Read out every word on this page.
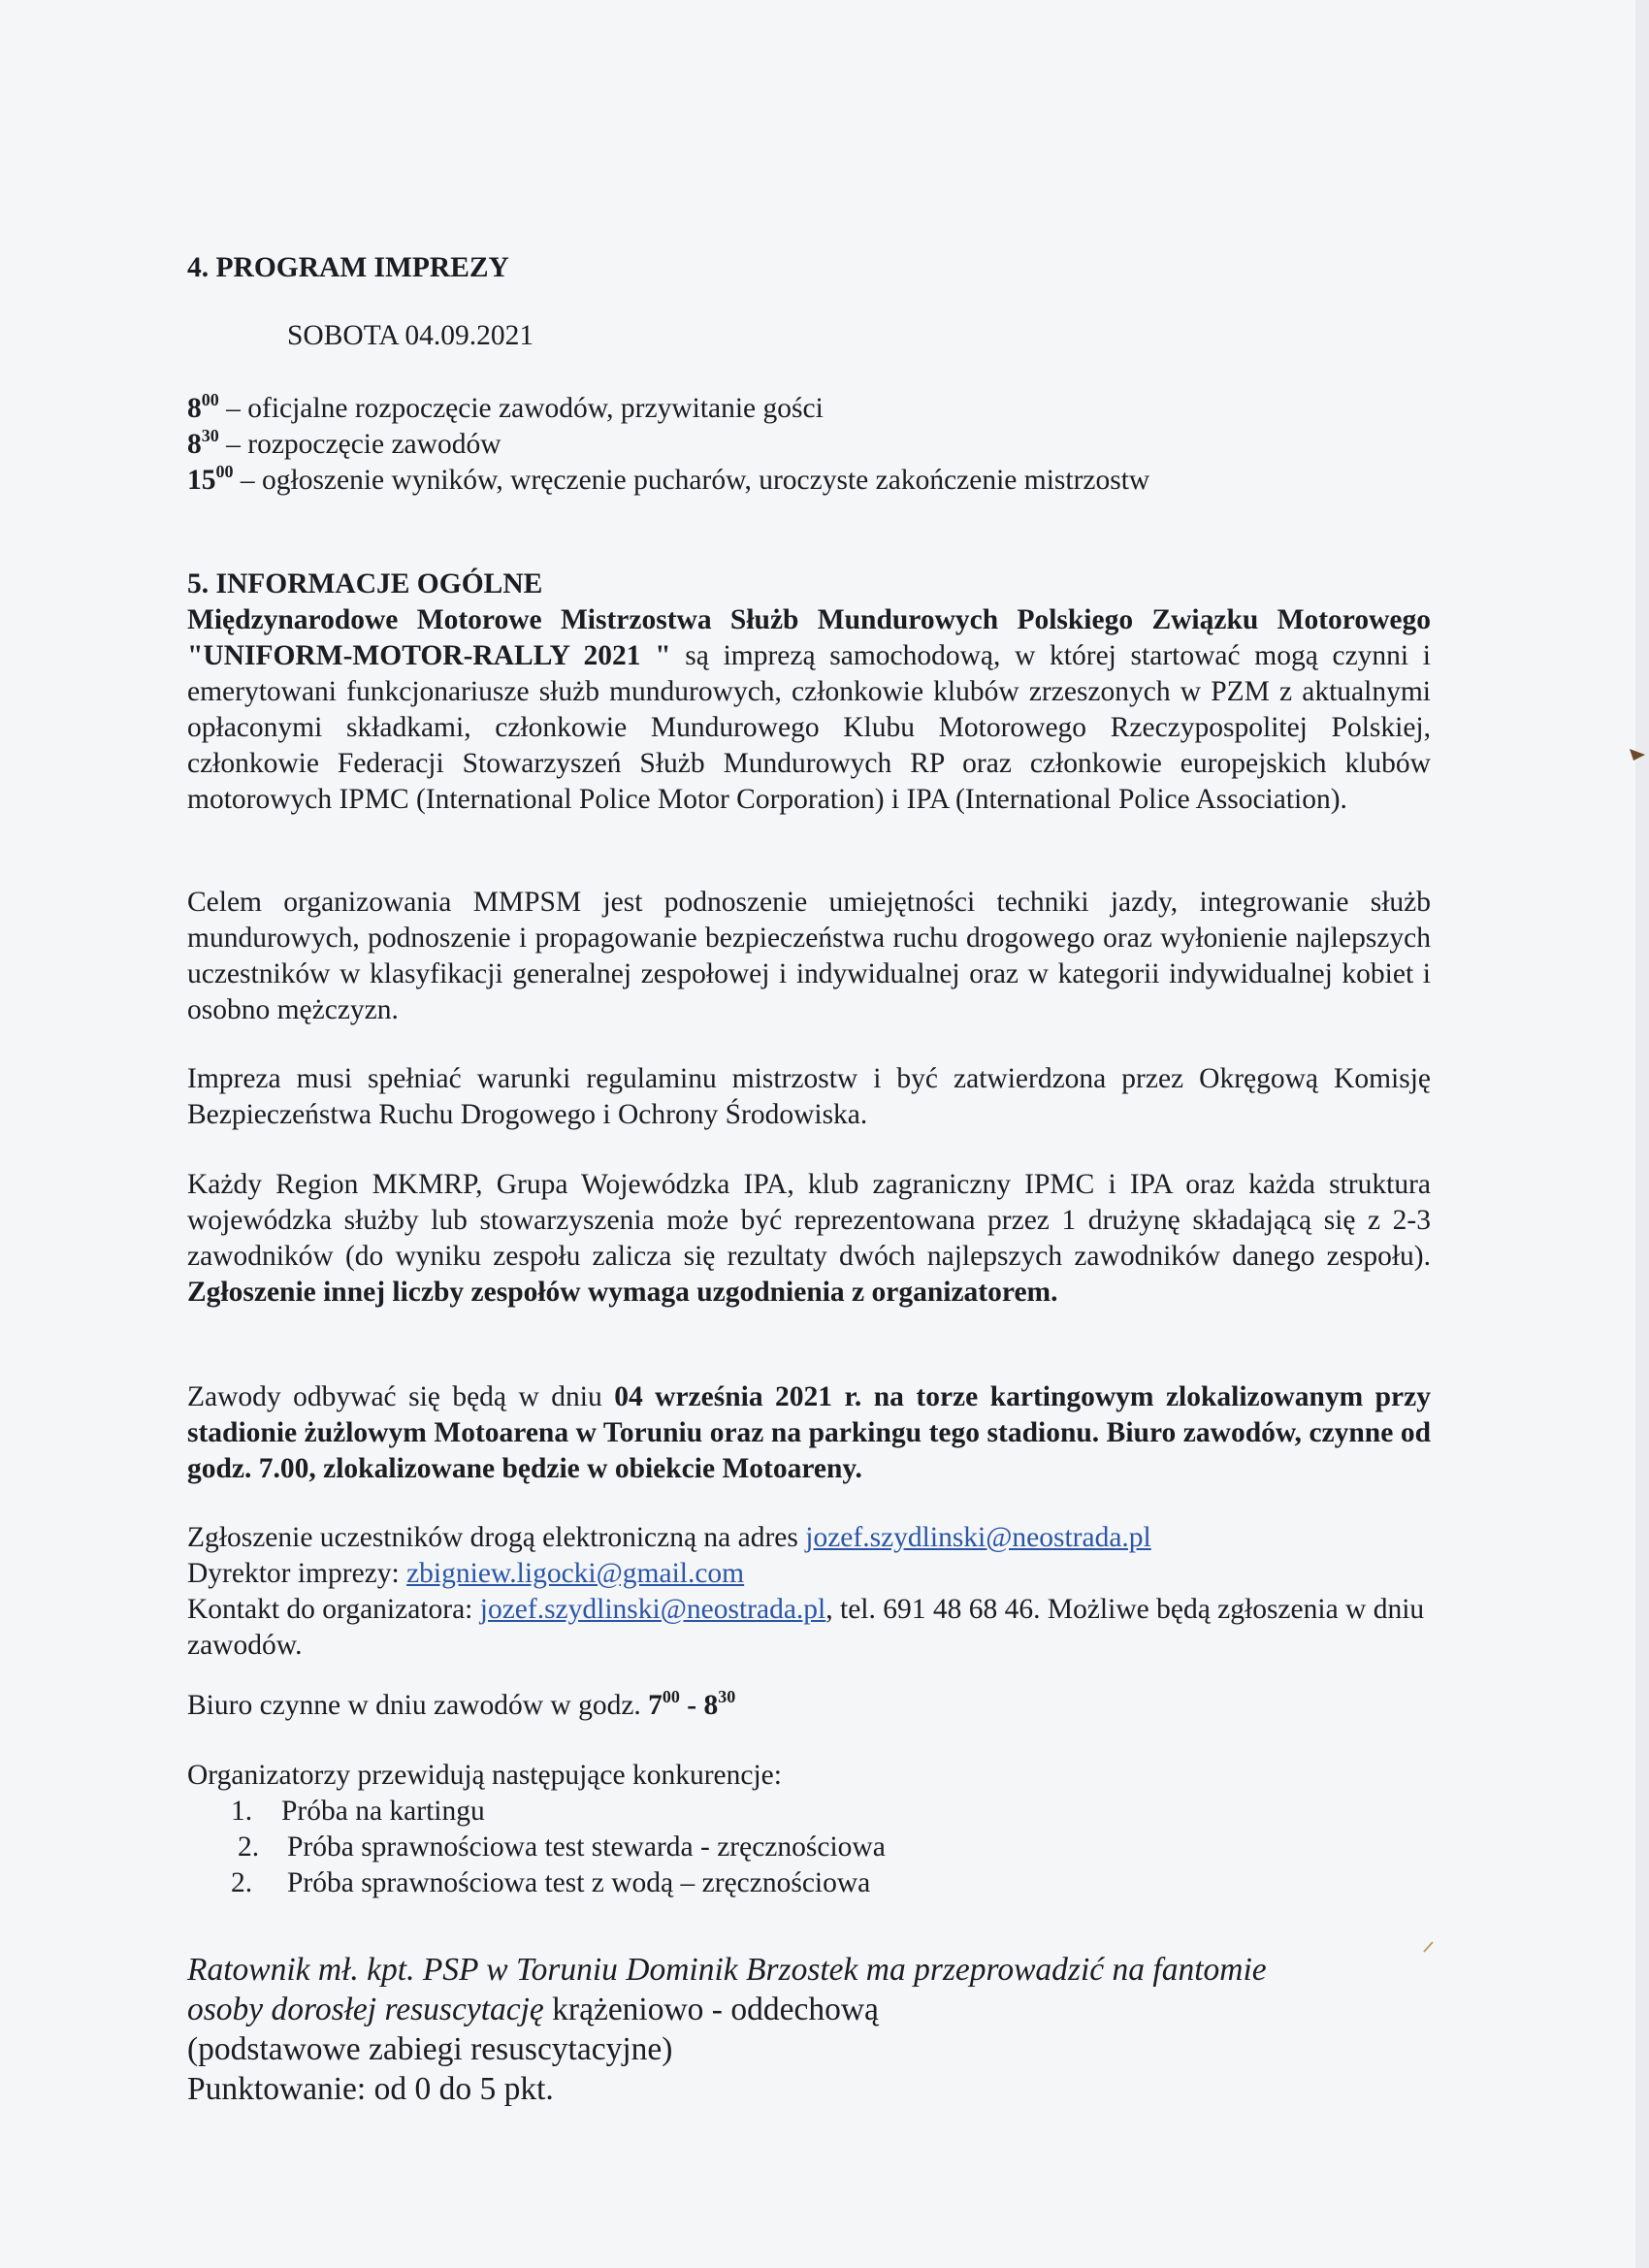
4. PROGRAM IMPREZY
SOBOTA 04.09.2021
$8^{00}$ – oficjalne rozpoczęcie zawodów, przywitanie gości
$8^{30}$ – rozpoczęcie zawodów
$15^{00}$ – ogłoszenie wyników, wręczenie pucharów, uroczyste zakończenie mistrzostw
5. INFORMACJE OGÓLNE
Międzynarodowe Motorowe Mistrzostwa Służb Mundurowych Polskiego Związku Motorowego "UNIFORM-MOTOR-RALLY 2021 " są imprezą samochodową, w której startować mogą czynni i emerytowani funkcjonariusze służb mundurowych, członkowie klubów zrzeszonych w PZM z aktualnymi opłaconymi składkami, członkowie Mundurowego Klubu Motorowego Rzeczypospolitej Polskiej, członkowie Federacji Stowarzyszeń Służb Mundurowych RP oraz członkowie europejskich klubów motorowych IPMC (International Police Motor Corporation) i IPA (International Police Association).
Celem organizowania MMPSM jest podnoszenie umiejętności techniki jazdy, integrowanie służb mundurowych, podnoszenie i propagowanie bezpieczeństwa ruchu drogowego oraz wyłonienie najlepszych uczestników w klasyfikacji generalnej zespołowej i indywidualnej oraz w kategorii indywidualnej kobiet i osobno mężczyzn.
Impreza musi spełniać warunki regulaminu mistrzostw i być zatwierdzona przez Okręgową Komisję Bezpieczeństwa Ruchu Drogowego i Ochrony Środowiska.
Każdy Region MKMRP, Grupa Wojewódzka IPA, klub zagraniczny IPMC i IPA oraz każda struktura wojewódzka służby lub stowarzyszenia może być reprezentowana przez 1 drużynę składającą się z 2-3 zawodników (do wyniku zespołu zalicza się rezultaty dwóch najlepszych zawodników danego zespołu). Zgłoszenie innej liczby zespołów wymaga uzgodnienia z organizatorem.
Zawody odbywać się będą w dniu 04 września 2021 r. na torze kartingowym zlokalizowanym przy stadionie żużlowym Motoarena w Toruniu oraz na parkingu tego stadionu. Biuro zawodów, czynne od godz. 7.00, zlokalizowane będzie w obiekcie Motoareny.
Zgłoszenie uczestników drogą elektroniczną na adres jozef.szydlinski@neostrada.pl
Dyrektor imprezy: zbigniew.ligocki@gmail.com
Kontakt do organizatora: jozef.szydlinski@neostrada.pl, tel. 691 48 68 46. Możliwe będą zgłoszenia w dniu zawodów.
Biuro czynne w dniu zawodów w godz. $7^{00} - 8^{30}$
Organizatorzy przewidują następujące konkurencje:
1. Próba na kartingu
2. Próba sprawnościowa test stewarda - zręcznościowa
2. Próba sprawnościowa test z wodą – zręcznościowa
Ratownik mł. kpt. PSP w Toruniu Dominik Brzostek ma przeprowadzić na fantomie
osoby dorosłej resuscytację krążeniowo - oddechową
(podstawowe zabiegi resuscytacyjne)
Punktowanie: od 0 do 5 pkt.
